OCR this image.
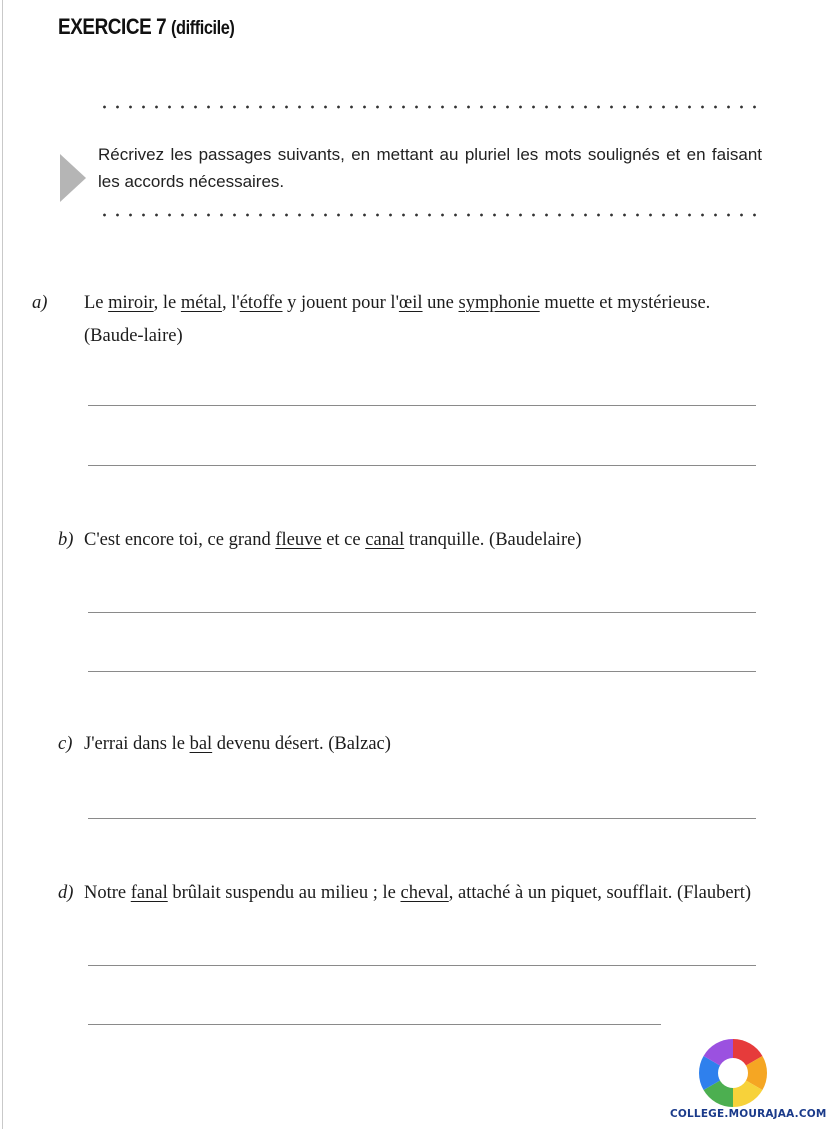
EXERCICE 7 (difficile)

Récrivez les passages suivants, en mettant au pluriel les mots soulignés et en faisant les accords nécessaires.

a) Le miroir, le métal, l'étoffe y jouent pour l'œil une symphonie muette et mystérieuse. (Baude-laire)
b) C'est encore toi, ce grand fleuve et ce canal tranquille. (Baudelaire)
c) J'errai dans le bal devenu désert. (Balzac)
d) Notre fanal brûlait suspendu au milieu ; le cheval, attaché à un piquet, soufflait. (Flaubert)
COLLEGE.MOURAJAA.COM
